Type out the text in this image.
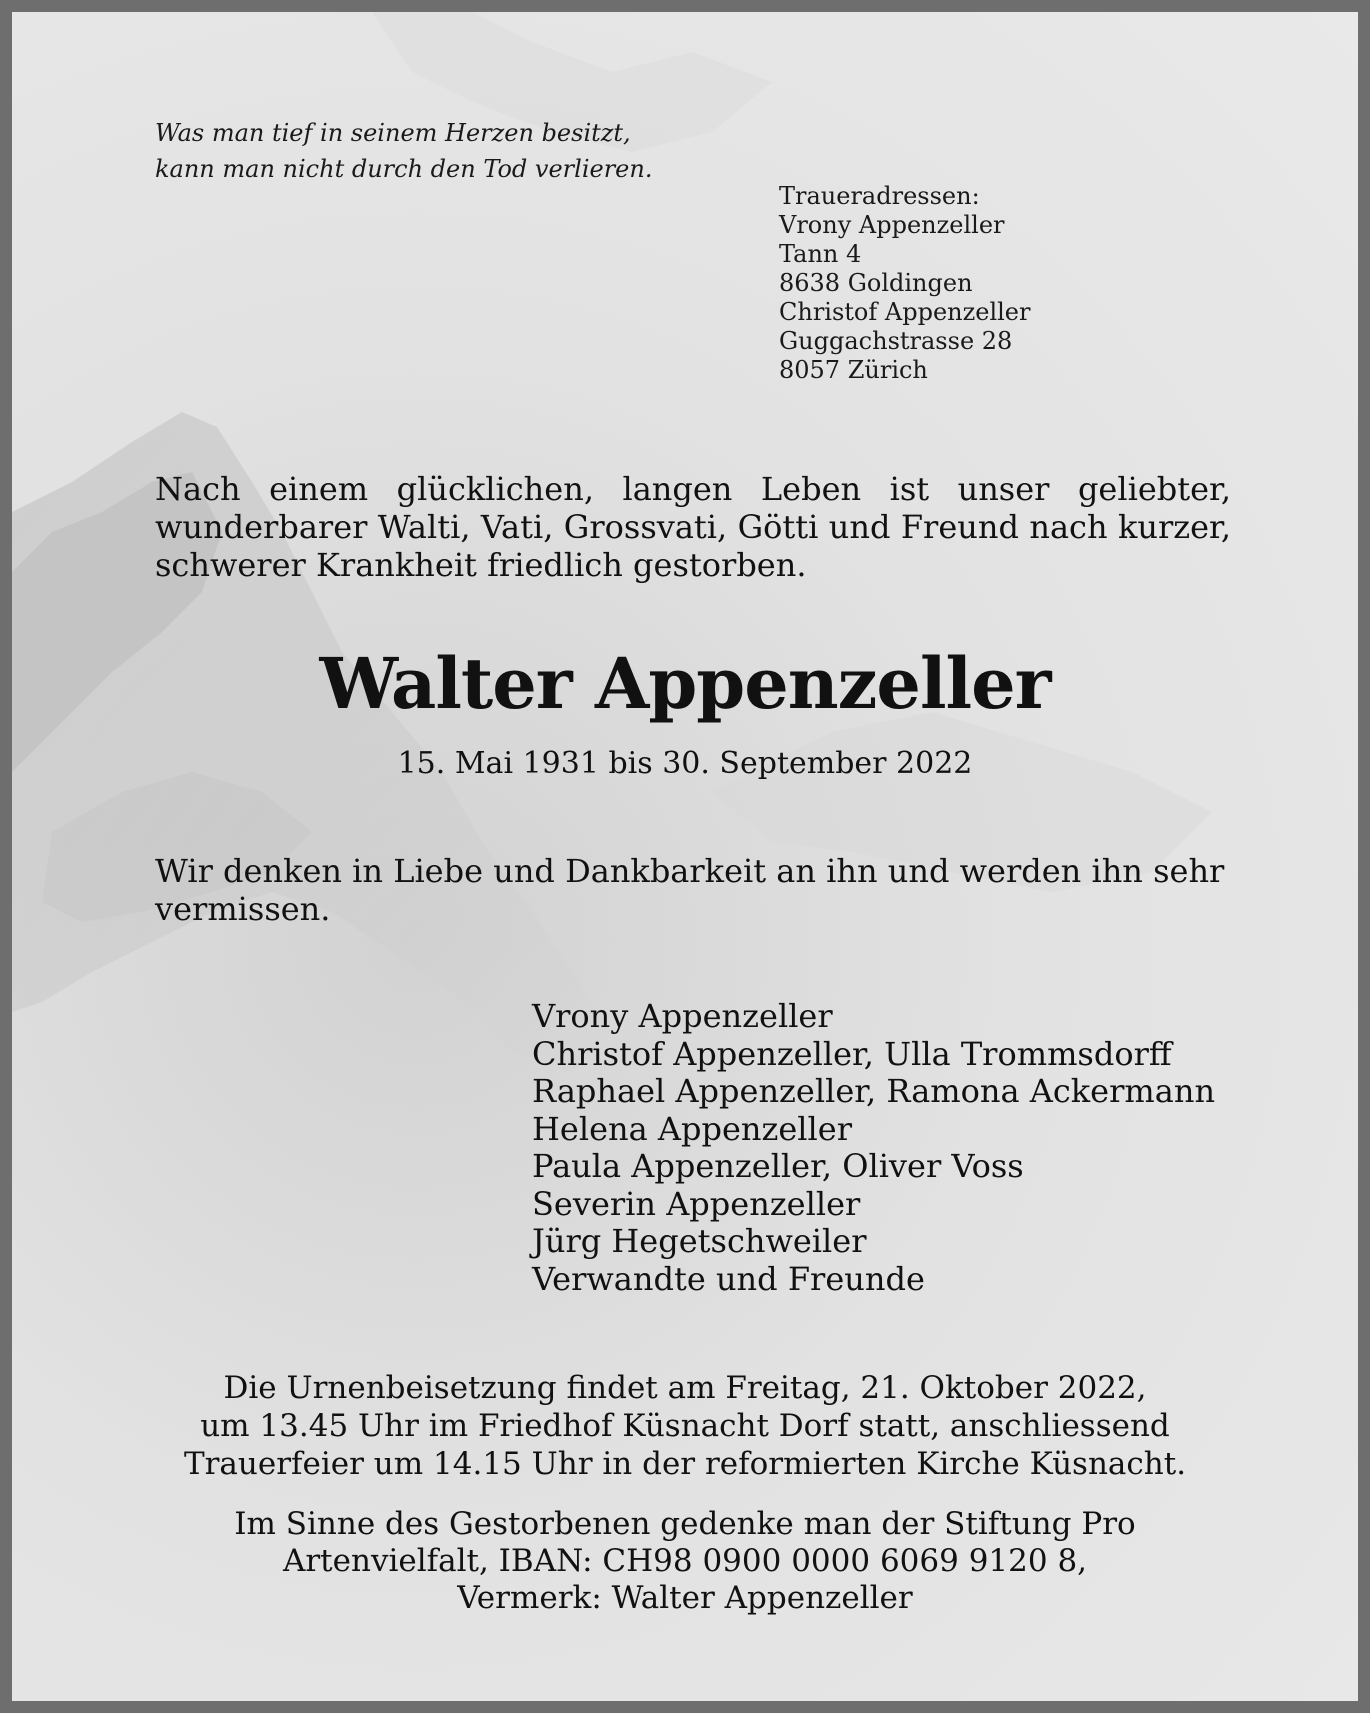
Was man tief in seinem Herzen besitzt,
kann man nicht durch den Tod verlieren.
Traueradressen:
Vrony Appenzeller
Tann 4
8638 Goldingen
Christof Appenzeller
Guggachstrasse 28
8057 Zürich
Nach einem glücklichen, langen Leben ist unser geliebter, wunderbarer Walti, Vati, Grossvati, Götti und Freund nach kurzer, schwerer Krankheit friedlich gestorben.
Walter Appenzeller
15. Mai 1931 bis 30. September 2022
Wir denken in Liebe und Dankbarkeit an ihn und werden ihn sehr vermissen.
Vrony Appenzeller
Christof Appenzeller, Ulla Trommsdorff
Raphael Appenzeller, Ramona Ackermann
Helena Appenzeller
Paula Appenzeller, Oliver Voss
Severin Appenzeller
Jürg Hegetschweiler
Verwandte und Freunde
Die Urnenbeisetzung findet am Freitag, 21. Oktober 2022,
um 13.45 Uhr im Friedhof Küsnacht Dorf statt, anschliessend
Trauerfeier um 14.15 Uhr in der reformierten Kirche Küsnacht.
Im Sinne des Gestorbenen gedenke man der Stiftung Pro
Artenvielfalt, IBAN: CH98 0900 0000 6069 9120 8,
Vermerk: Walter Appenzeller
